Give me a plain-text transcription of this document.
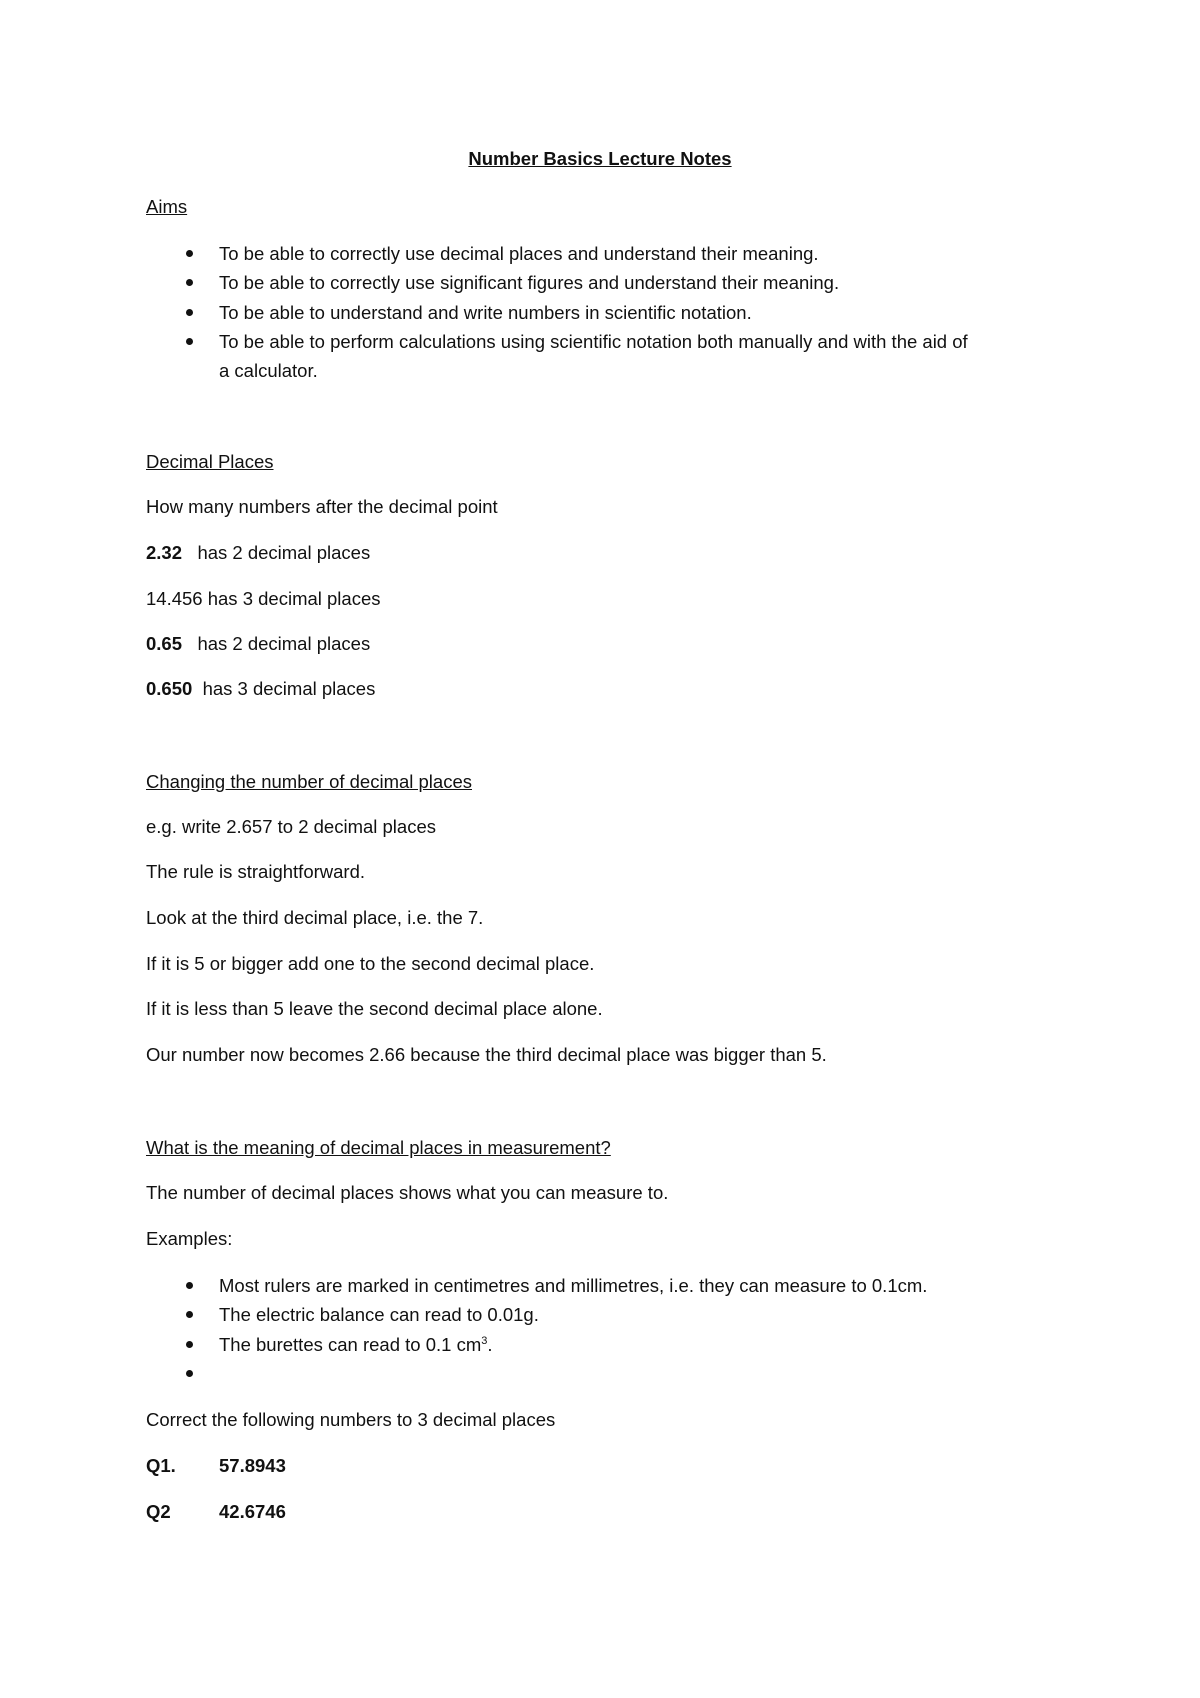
Number Basics Lecture Notes
Aims
To be able to correctly use decimal places and understand their meaning.
To be able to correctly use significant figures and understand their meaning.
To be able to understand and write numbers in scientific notation.
To be able to perform calculations using scientific notation both manually and with the aid of
a calculator.
Decimal Places
How many numbers after the decimal point
2.32 has 2 decimal places
14.456 has 3 decimal places
0.65 has 2 decimal places
0.650 has 3 decimal places
Changing the number of decimal places
e.g. write 2.657 to 2 decimal places
The rule is straightforward.
Look at the third decimal place, i.e. the 7.
If it is 5 or bigger add one to the second decimal place.
If it is less than 5 leave the second decimal place alone.
Our number now becomes 2.66 because the third decimal place was bigger than 5.
What is the meaning of decimal places in measurement?
The number of decimal places shows what you can measure to.
Examples:
Most rulers are marked in centimetres and millimetres, i.e. they can measure to 0.1cm.
The electric balance can read to 0.01g.
The burettes can read to 0.1 $cm^3$.

Correct the following numbers to 3 decimal places
Q1. 57.8943
Q2	42.6746
